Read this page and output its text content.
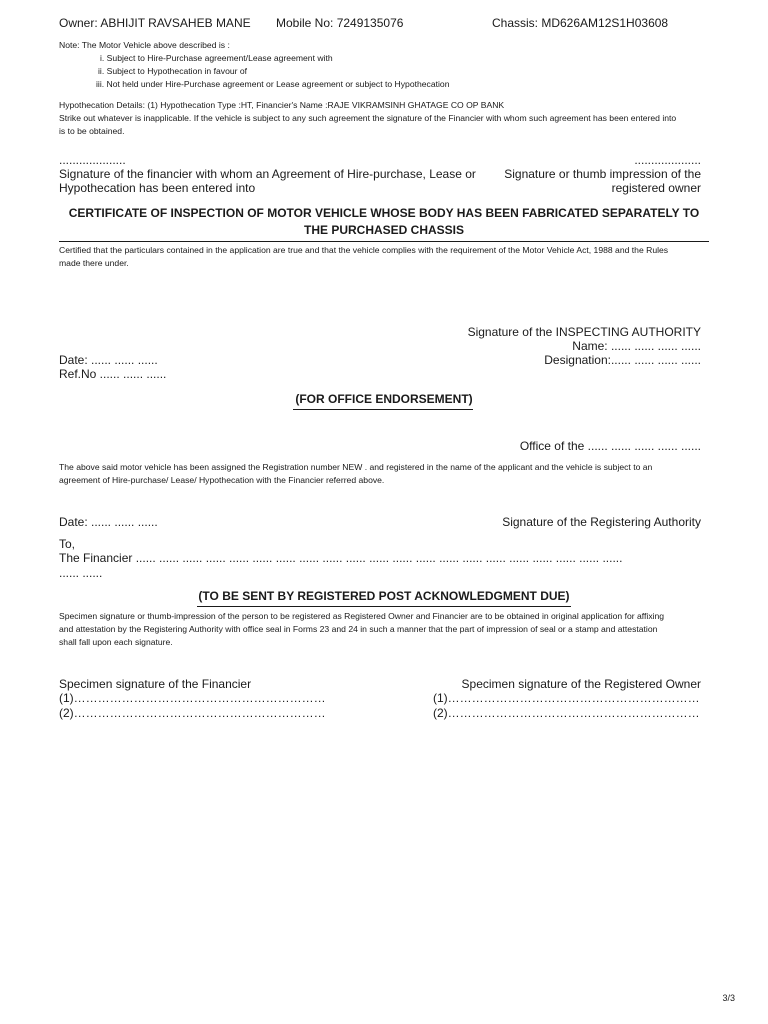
Owner: ABHIJIT RAVSAHEB MANE Mobile No: 7249135076	Chassis: MD626AM12S1H03608
Note: The Motor Vehicle above described is :
i. Subject to Hire-Purchase agreement/Lease agreement with
ii. Subject to Hypothecation in favour of
iii. Not held under Hire-Purchase agreement or Lease agreement or subject to Hypothecation
Hypothecation Details: (1) Hypothecation Type :HT, Financier's Name :RAJE VIKRAMSINH GHATAGE CO OP BANK
Strike out whatever is inapplicable. If the vehicle is subject to any such agreement the signature of the Financier with whom such agreement has been entered into
is to be obtained.
....................	....................
Signature of the financier with whom an Agreement of Hire-purchase, Lease or
Hypothecation has been entered into
Signature or thumb impression of the
registered owner
CERTIFICATE OF INSPECTION OF MOTOR VEHICLE WHOSE BODY HAS BEEN FABRICATED SEPARATELY TO
THE PURCHASED CHASSIS
Certified that the particulars contained in the application are true and that the vehicle complies with the requirement of the Motor Vehicle Act, 1988 and the Rules
made there under.
Signature of the INSPECTING AUTHORITY
Name: ...... ...... ...... ......
Designation:...... ...... ...... ......
Date: ...... ...... ......
Ref.No ...... ...... ......
(FOR OFFICE ENDORSEMENT)
Office of the ...... ...... ...... ...... ......
The above said motor vehicle has been assigned the Registration number NEW . and registered in the name of the applicant and the vehicle is subject to an
agreement of Hire-purchase/ Lease/ Hypothecation with the Financier referred above.
Date: ...... ...... ......	Signature of the Registering Authority
To,
The Financier ...... ...... ...... ...... ...... ...... ...... ...... ...... ...... ...... ...... ...... ...... ...... ...... ...... ...... ...... ...... ......
...... ......
(TO BE SENT BY REGISTERED POST ACKNOWLEDGMENT DUE)
Specimen signature or thumb-impression of the person to be registered as Registered Owner and Financier are to be obtained in original application for affixing
and attestation by the Registering Authority with office seal in Forms 23 and 24 in such a manner that the part of impression of seal or a stamp and attestation
shall fall upon each signature.
Specimen signature of the Financier
(1)………………………………………………………
(2)………………………………………………………
Specimen signature of the Registered Owner
(1)………………………………………………………
(2)………………………………………………………
3/3
